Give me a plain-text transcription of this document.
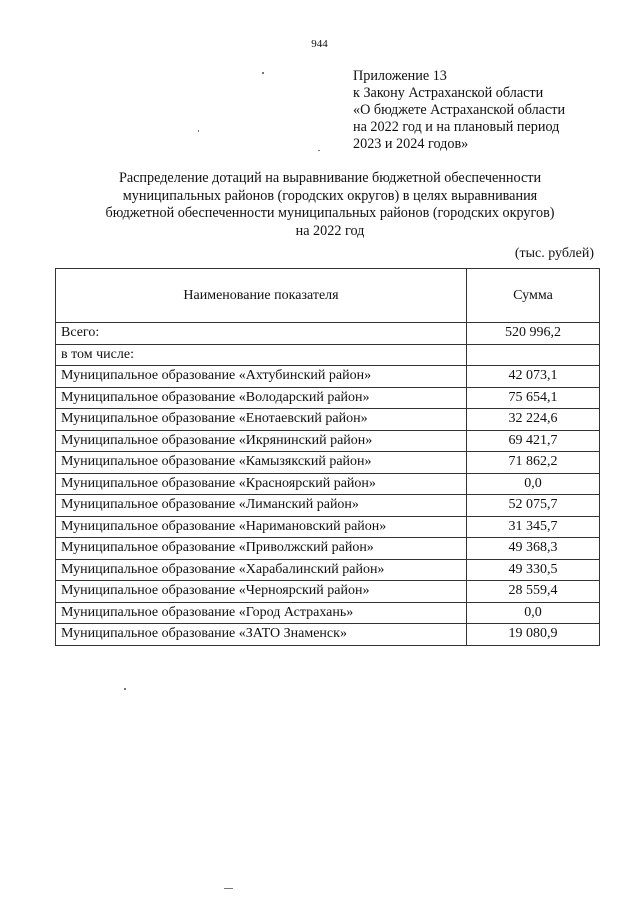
944
Приложение 13
к Закону Астраханской области
«О бюджете Астраханской области
на 2022 год и на плановый период
2023 и 2024 годов»
Распределение дотаций на выравнивание бюджетной обеспеченности
муниципальных районов (городских округов) в целях выравнивания
бюджетной обеспеченности муниципальных районов (городских округов)
на 2022 год
(тыс. рублей)
Наименование показателя	Сумма
Всего:	520 996,2
в том числе:	
Муниципальное образование «Ахтубинский район»	42 073,1
Муниципальное образование «Володарский район»	75 654,1
Муниципальное образование «Енотаевский район»	32 224,6
Муниципальное образование «Икрянинский район»	69 421,7
Муниципальное образование «Камызякский район»	71 862,2
Муниципальное образование «Красноярский район»	0,0
Муниципальное образование «Лиманский район»	52 075,7
Муниципальное образование «Наримановский район»	31 345,7
Муниципальное образование «Приволжский район»	49 368,3
Муниципальное образование «Харабалинский район»	49 330,5
Муниципальное образование «Черноярский район»	28 559,4
Муниципальное образование «Город Астрахань»	0,0
Муниципальное образование «ЗАТО Знаменск»	19 080,9
